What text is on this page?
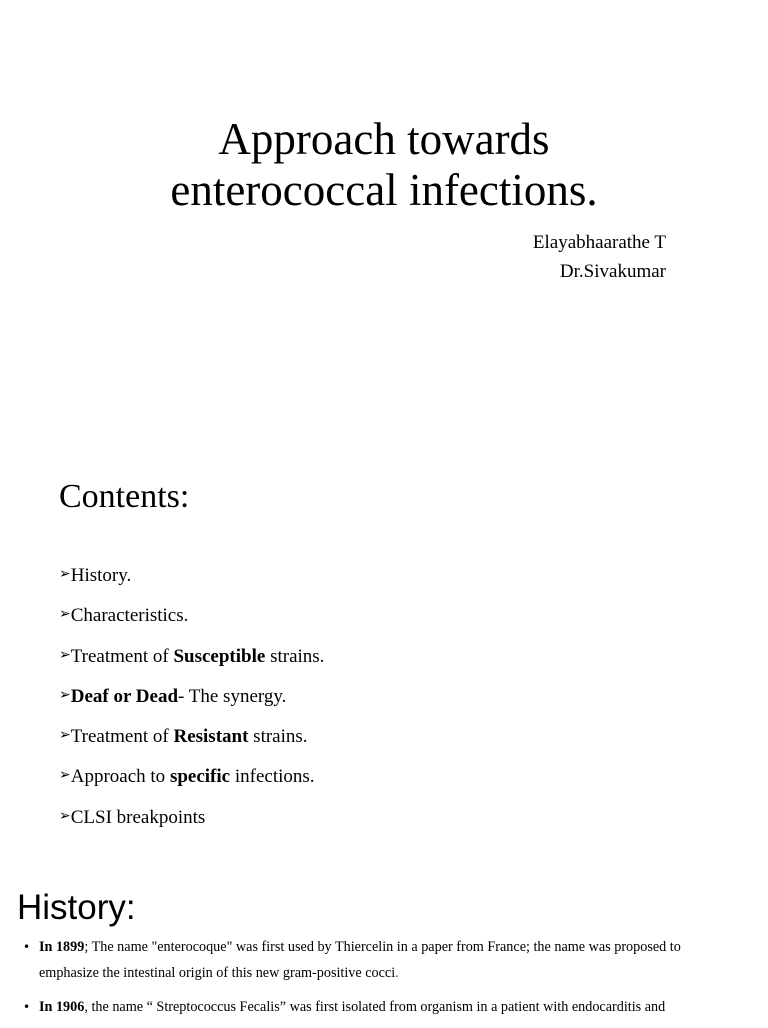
Approach towards
enterococcal infections.
Elayabhaarathe T
Dr.Sivakumar
Contents:
➢History.
➢Characteristics.
➢Treatment of Susceptible strains.
➢Deaf or Dead- The synergy.
➢Treatment of Resistant strains.
➢Approach to specific infections.
➢CLSI breakpoints
History:
• In 1899; The name "enterocoque" was first used by Thiercelin in a paper from France; the name was proposed to emphasize the intestinal origin of this new gram-positive cocci.
• In 1906, the name “ Streptococcus Fecalis” was first isolated from organism in a patient with endocarditis and
